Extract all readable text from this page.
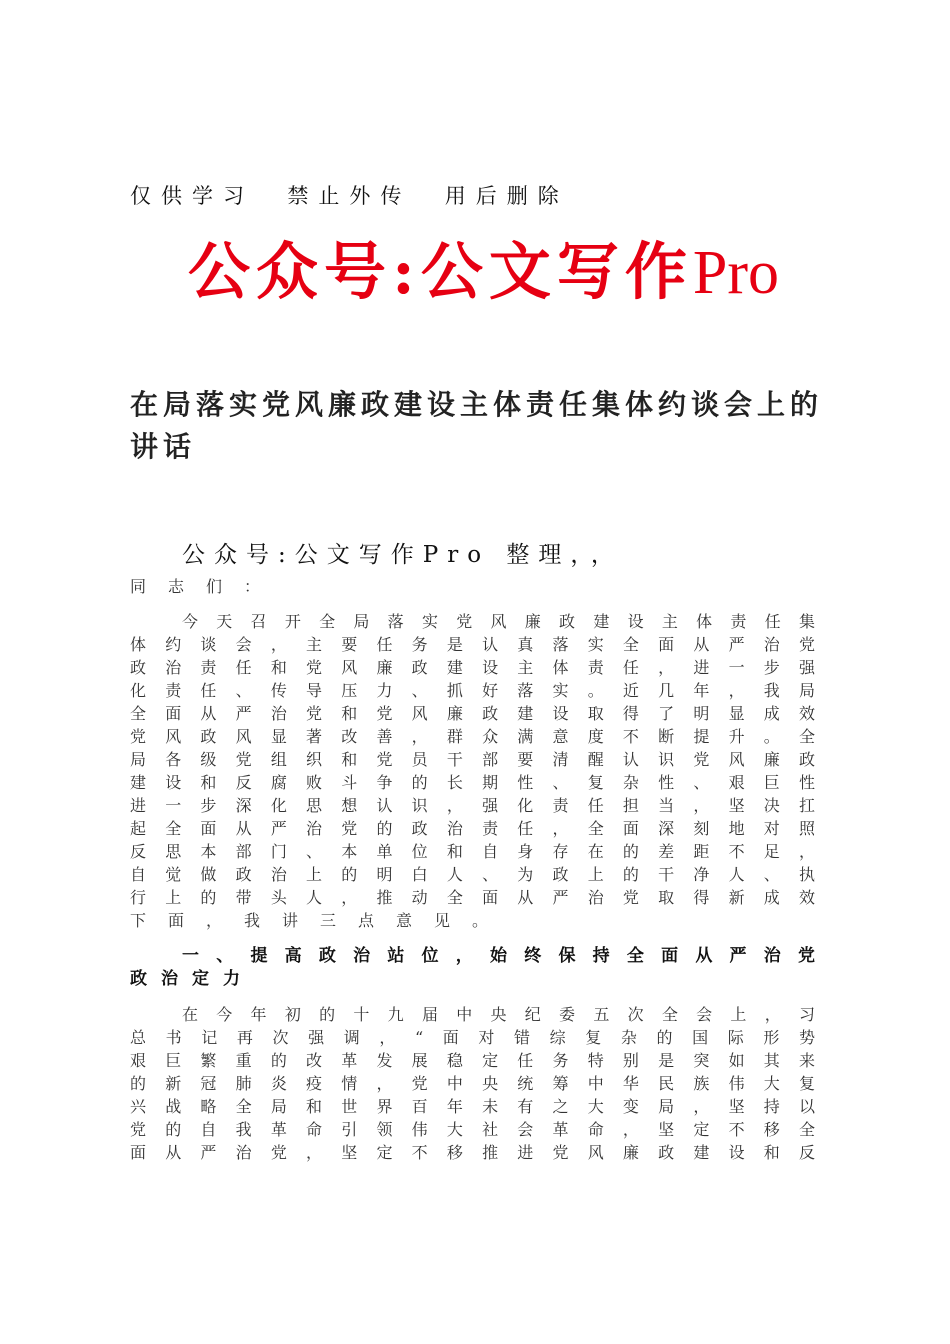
仅供学习  禁止外传  用后删除
公众号:公文写作Pro
在局落实党风廉政建设主体责任集体约谈会上的讲话
公众号:公文写作Pro 整理，，
同志们：
今天召开全局落实党风廉政建设主体责任集
体约谈会，主要任务是认真落实全面从严治党
政治责任和党风廉政建设主体责任，进一步强
化责任、传导压力、抓好落实。近几年，我局
全面从严治党和党风廉政建设取得了明显成效
党风政风显著改善，群众满意度不断提升。全
局各级党组织和党员干部要清醒认识党风廉政
建设和反腐败斗争的长期性、复杂性、艰巨性
进一步深化思想认识，强化责任担当，坚决扛
起全面从严治党的政治责任，全面深刻地对照
反思本部门、本单位和自身存在的差距不足，
自觉做政治上的明白人、为政上的干净人、执
行上的带头人，推动全面从严治党取得新成效
下面，我讲三点意见。
一、提高政治站位，始终保持全面从严治党
政治定力
在今年初的十九届中央纪委五次全会上，习
总书记再次强调，“面对错综复杂的国际形势
艰巨繁重的改革发展稳定任务特别是突如其来
的新冠肺炎疫情，党中央统筹中华民族伟大复
兴战略全局和世界百年未有之大变局，坚持以
党的自我革命引领伟大社会革命，坚定不移全
面从严治党，坚定不移推进党风廉政建设和反
